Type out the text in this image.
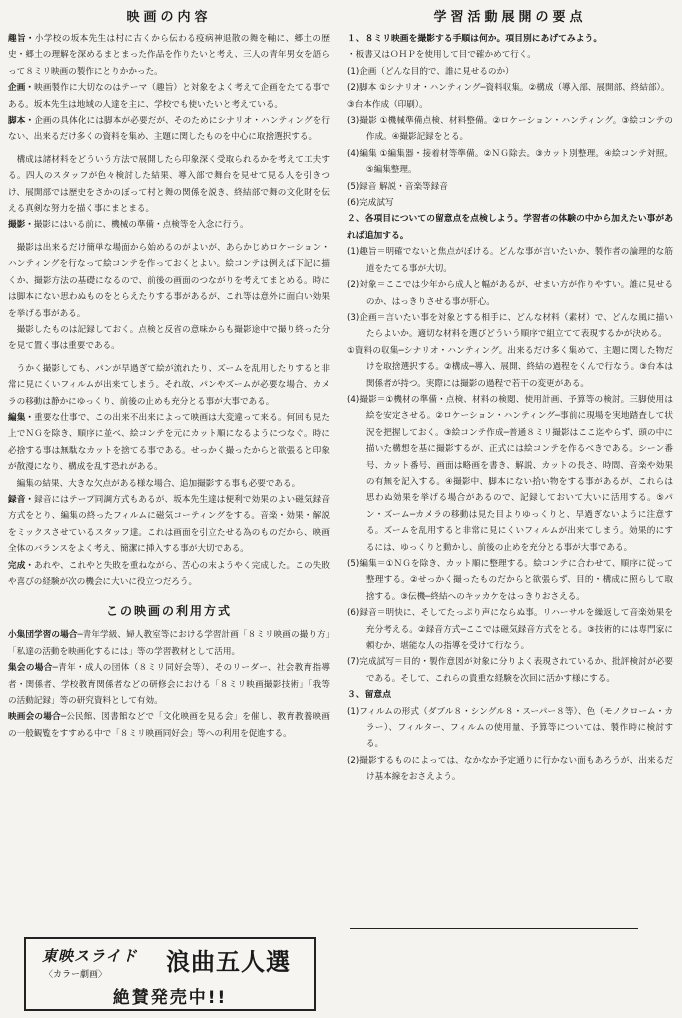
映画の内容

趣旨・小学校の坂本先生は村に古くから伝わる疫病神退散の舞を軸に、郷土の歴史・郷土の理解を深めるまとまった作品を作りたいと考え、三人の青年男女を語らって８ミリ映画の製作にとりかかった。

企画・映画製作に大切なのはテーマ（趣旨）と対象をよく考えて企画をたてる事である。坂本先生は地域の人達を主に、学校でも使いたいと考えている。

脚本・企画の具体化には脚本が必要だが、そのためにシナリオ・ハンティングを行ない、出来るだけ多くの資料を集め、主題に関したものを中心に取捨選択する。

構成は諸材料をどういう方法で展開したら印象深く受取られるかを考えて工夫する。四人のスタッフが色々検討した結果、導入部で舞台を見せて見る人を引きつけ、展開部では歴史をさかのぼって村と舞の関係を説き、終結部で舞の文化財を伝える真剣な努力を描く事にまとまる。

撮影・撮影にはいる前に、機械の準備・点検等を入念に行う。

撮影は出来るだけ簡単な場面から始めるのがよいが、あらかじめロケーション・ハンティングを行なって絵コンテを作っておくとよい。絵コンテは例えば下記に描くか、撮影方法の基礎になるので、前後の画面のつながりを考えてまとめる。時には脚本にない思わぬものをとらえたりする事があるが、これ等は意外に面白い効果を挙げる事がある。

撮影したものは記録しておく。点検と反省の意味からも撮影途中で撮り終った分を見て置く事は重要である。

うかく撮影しても、パンが早過ぎて絵が流れたり、ズームを乱用したりすると非常に見にくいフィルムが出来てしまう。それ故、パンやズームが必要な場合、カメラの移動は静かにゆっくり、前後の止めも充分とる事が大事である。

編集・重要な仕事で、この出来不出来によって映画は大変違って来る。何回も見た上でＮＧを除き、順序に並べ、絵コンテを元にカット順になるようにつなぐ。時に必捨する事は無駄なカットを捨てる事である。せっかく撮ったからと欲張ると印象が散漫になり、構成を乱す恐れがある。

編集の結果、大きな欠点がある様な場合、追加撮影する事も必要である。

録音・録音にはテープ同調方式もあるが、坂本先生達は便利で効果のよい磁気録音方式をとり、編集の終ったフィルムに磁気コーティングをする。音楽・効果・解説をミックスさせているスタッフ達。これは画面を引立たせる為のものだから、映画全体のバランスをよく考え、簡潔に挿入する事が大切である。

完成・あれや、これやと失敗を重ねながら、苦心の末ようやく完成した。この失敗や喜びの経験が次の機会に大いに役立つだろう。

この映画の利用方式

小集団学習の場合─青年学級、婦人教室等における学習計画「８ミリ映画の撮り方」「私達の活動を映画化するには」等の学習教材として活用。

集会の場合─青年・成人の団体（８ミリ同好会等）、そのリーダー、社会教育指導者・関係者、学校教育関係者などの研修会における「８ミリ映画撮影技術」「我等の活動記録」等の研究資料として有効。

映画会の場合─公民館、図書館などで「文化映画を見る会」を催し、教育教養映画の一般観覧をすすめる中で「８ミリ映画同好会」等への利用を促進する。

学習活動展開の要点

１、８ミリ映画を撮影する手順は何か。項目別にあげてみよう。

・板書又はＯＨＰを使用して目で確かめて行く。

(1)企画（どんな目的で、誰に見せるのか）

(2)脚本 ①シナリオ・ハンティング─資料収集。②構成（導入部、展開部、終結部）。

③台本作成（印刷）。

(3)撮影 ①機械準備点検、材料整備。②ロケーション・ハンティング。③絵コンテの作成。④撮影記録をとる。

(4)編集 ①編集器・接着材等準備。②ＮＧ除去。③カット別整理。④絵コンテ対照。⑤編集整理。

(5)録音 解説・音楽等録音

(6)完成試写

２、各項目についての留意点を点検しよう。学習者の体験の中から加えたい事があれば追加する。

(1)趣旨＝明確でないと焦点がぼける。どんな事が言いたいか、製作者の論理的な筋道をたてる事が大切。

(2)対象＝ここでは少年から成人と幅があるが、せまい方が作りやすい。誰に見せるのか、はっきりさせる事が肝心。

(3)企画＝言いたい事を対象とする相手に、どんな材料（素材）で、どんな風に描いたらよいか。適切な材料を選びどういう順序で組立てて表現するかが決める。

①資料の収集─シナリオ・ハンティング。出来るだけ多く集めて、主題に関した物だけを取捨選択する。②構成─導入、展開、終結の過程をくんで行なう。③台本は関係者が持つ。実際には撮影の過程で若干の変更がある。

(4)撮影＝①機材の準備・点検、材料の検閲、使用計画、予算等の検討。三脚使用は絵を安定させる。②ロケーション・ハンティング─事前に現場を実地踏査して状況を把握しておく。③絵コンテ作成─普通８ミリ撮影はここ迄やらず、頭の中に描いた構想を基に撮影するが、正式には絵コンテを作るべきである。シーン番号、カット番号、画面は略画を書き、解説、カットの長さ、時間、音楽や効果の有無を記入する。④撮影中、脚本にない拾い物をする事があるが、これらは思わぬ効果を挙げる場合があるので、記録しておいて大いに活用する。⑤パン・ズーム─カメラの移動は見た目よりゆっくりと、早過ぎないように注意する。ズームを乱用すると非常に見にくいフィルムが出来てしまう。効果的にするには、ゆっくりと動かし、前後の止めを充分とる事が大事である。

(5)編集＝①ＮＧを除き、カット順に整理する。絵コンテに合わせて、順序に従って整理する。②せっかく撮ったものだからと欲張らず、目的・構成に照らして取捨する。③伝機─終結へのキッカケをはっきりおさえる。

(6)録音＝明快に、そしてたっぷり声にならぬ事。リハーサルを繰返して音楽効果を充分考える。②録音方式─ここでは磁気録音方式をとる。③技術的には専門家に頼むか、堪能な人の指導を受けて行なう。

(7)完成試写＝目的・製作意図が対象に分りよく表現されているか、批評検討が必要である。そして、これらの貴重な経験を次回に活かす様にする。

３、留意点

(1)フィルムの形式（ダブル８・シングル８・スーパー８等）、色（モノクローム・カラー）、フィルター、フィルムの使用量、予算等については、製作時に検討する。

(2)撮影するものによっては、なかなか予定通りに行かない面もあろうが、出来るだけ基本線をおさえよう。

東映スライド
〈カラー劇画〉 浪曲五人選
絶賛発売中!!
